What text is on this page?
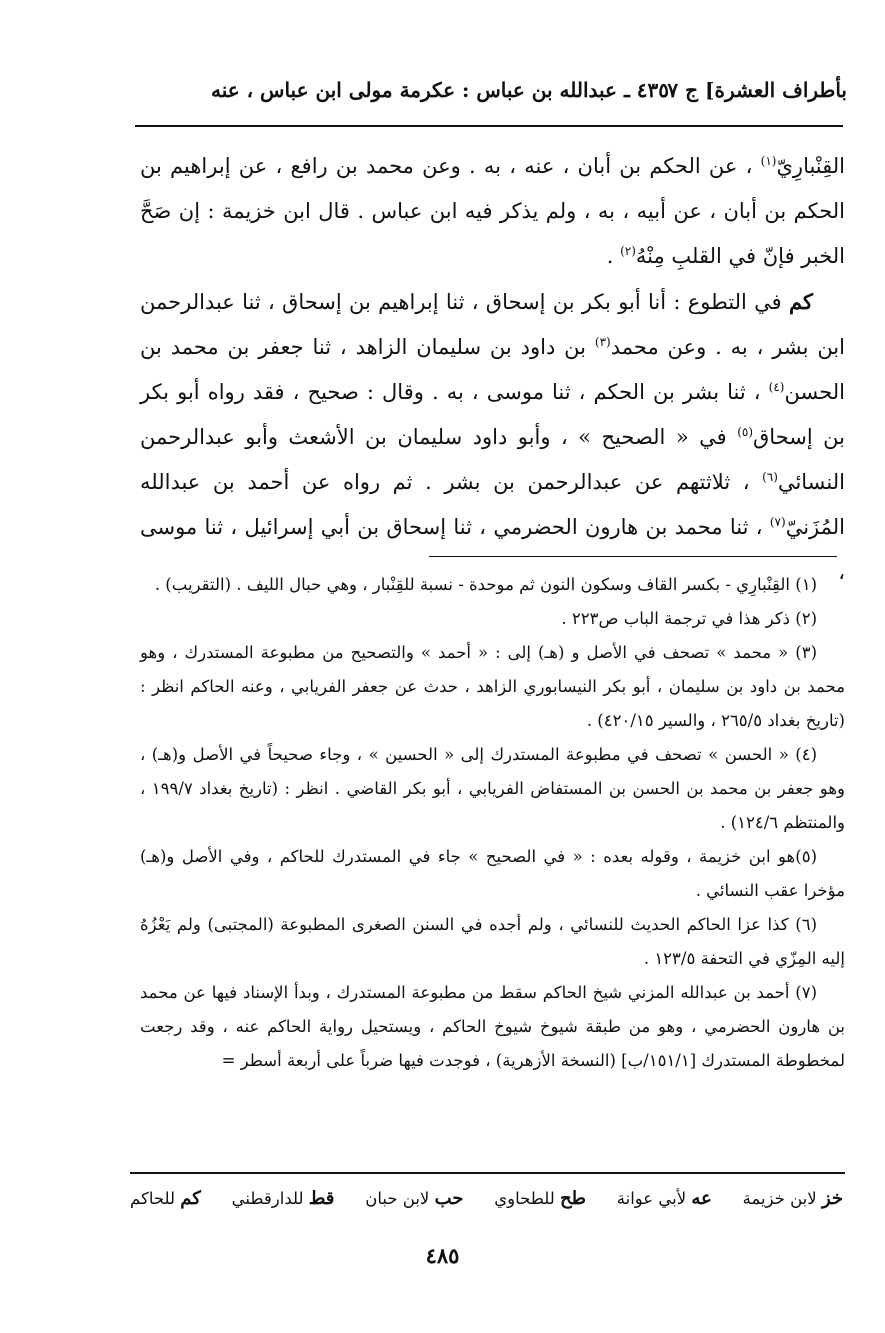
بأطراف العشرة] ج ٧
٤٣٥ ـ عبدالله بن عباس : عكرمة مولى ابن عباس ، عنه

القِنْبارِيّ$^{(١)}$ ، عن الحكم بن أبان ، عنه ، به . وعن محمد بن رافع ، عن إبراهيم بن الحكم بن أبان ، عن أبيه ، به ، ولم يذكر فيه ابن عباس . قال ابن خزيمة : إن صَحَّ الخبر فإنّ في القلبِ مِنْهُ$^{(٢)}$ .

كم في التطوع : أنا أبو بكر بن إسحاق ، ثنا إبراهيم بن إسحاق ، ثنا عبدالرحمن ابن بشر ، به . وعن محمد$^{(٣)}$ بن داود بن سليمان الزاهد ، ثنا جعفر بن محمد بن الحسن$^{(٤)}$ ، ثنا بشر بن الحكم ، ثنا موسى ، به . وقال : صحيح ، فقد رواه أبو بكر بن إسحاق$^{(٥)}$ في « الصحيح » ، وأبو داود سليمان بن الأشعث وأبو عبدالرحمن النسائي$^{(٦)}$ ، ثلاثتهم عن عبدالرحمن بن بشر . ثم رواه عن أحمد بن عبدالله المُزَنيّ$^{(٧)}$ ، ثنا محمد بن هارون الحضرمي ، ثنا إسحاق بن أبي إسرائيل ، ثنا موسى ،

(١) القِنْبارِي - بكسر القاف وسكون النون ثم موحدة - نسبة للقِنْبار ، وهي حبال الليف . (التقريب) .

(٢) ذكر هذا في ترجمة الباب ص٢٢٣ .

(٣) « محمد » تصحف في الأصل و (هـ) إلى : « أحمد » والتصحيح من مطبوعة المستدرك ، وهو محمد بن داود بن سليمان ، أبو بكر النيسابوري الزاهد ، حدث عن جعفر الفريابي ، وعنه الحاكم انظر : (تاريخ بغداد ٢٦٥/٥ ، والسير ٤٢٠/١٥) .

(٤) « الحسن » تصحف في مطبوعة المستدرك إلى « الحسين » ، وجاء صحيحاً في الأصل و(هـ) ، وهو جعفر بن محمد بن الحسن بن المستفاض الفريابي ، أبو بكر القاضي . انظر : (تاريخ بغداد ١٩٩/٧ ، والمنتظم ١٢٤/٦) .

(٥)هو ابن خزيمة ، وقوله بعده : « في الصحيح » جاء في المستدرك للحاكم ، وفي الأصل و(هـ) مؤخرا عقب النسائي .

(٦) كذا عزا الحاكم الحديث للنسائي ، ولم أجده في السنن الصغرى المطبوعة (المجتبى) ولم يَعْزُهُ إليه المِزّي في التحفة ١٢٣/٥ .

(٧) أحمد بن عبدالله المزني شيخ الحاكم سقط من مطبوعة المستدرك ، وبدأ الإسناد فيها عن محمد بن هارون الحضرمي ، وهو من طبقة شيوخ شيوخ الحاكم ، ويستحيل رواية الحاكم عنه ، وقد رجعت لمخطوطة المستدرك [١٥١/١/ب] (النسخة الأزهرية) ، فوجدت فيها ضرباً على أربعة أسطر =

خز لابن خزيمة
عه لأبي عوانة
طح للطحاوي
حب لابن حبان
قط للدارقطني
كم للحاكم
٤٨٥
